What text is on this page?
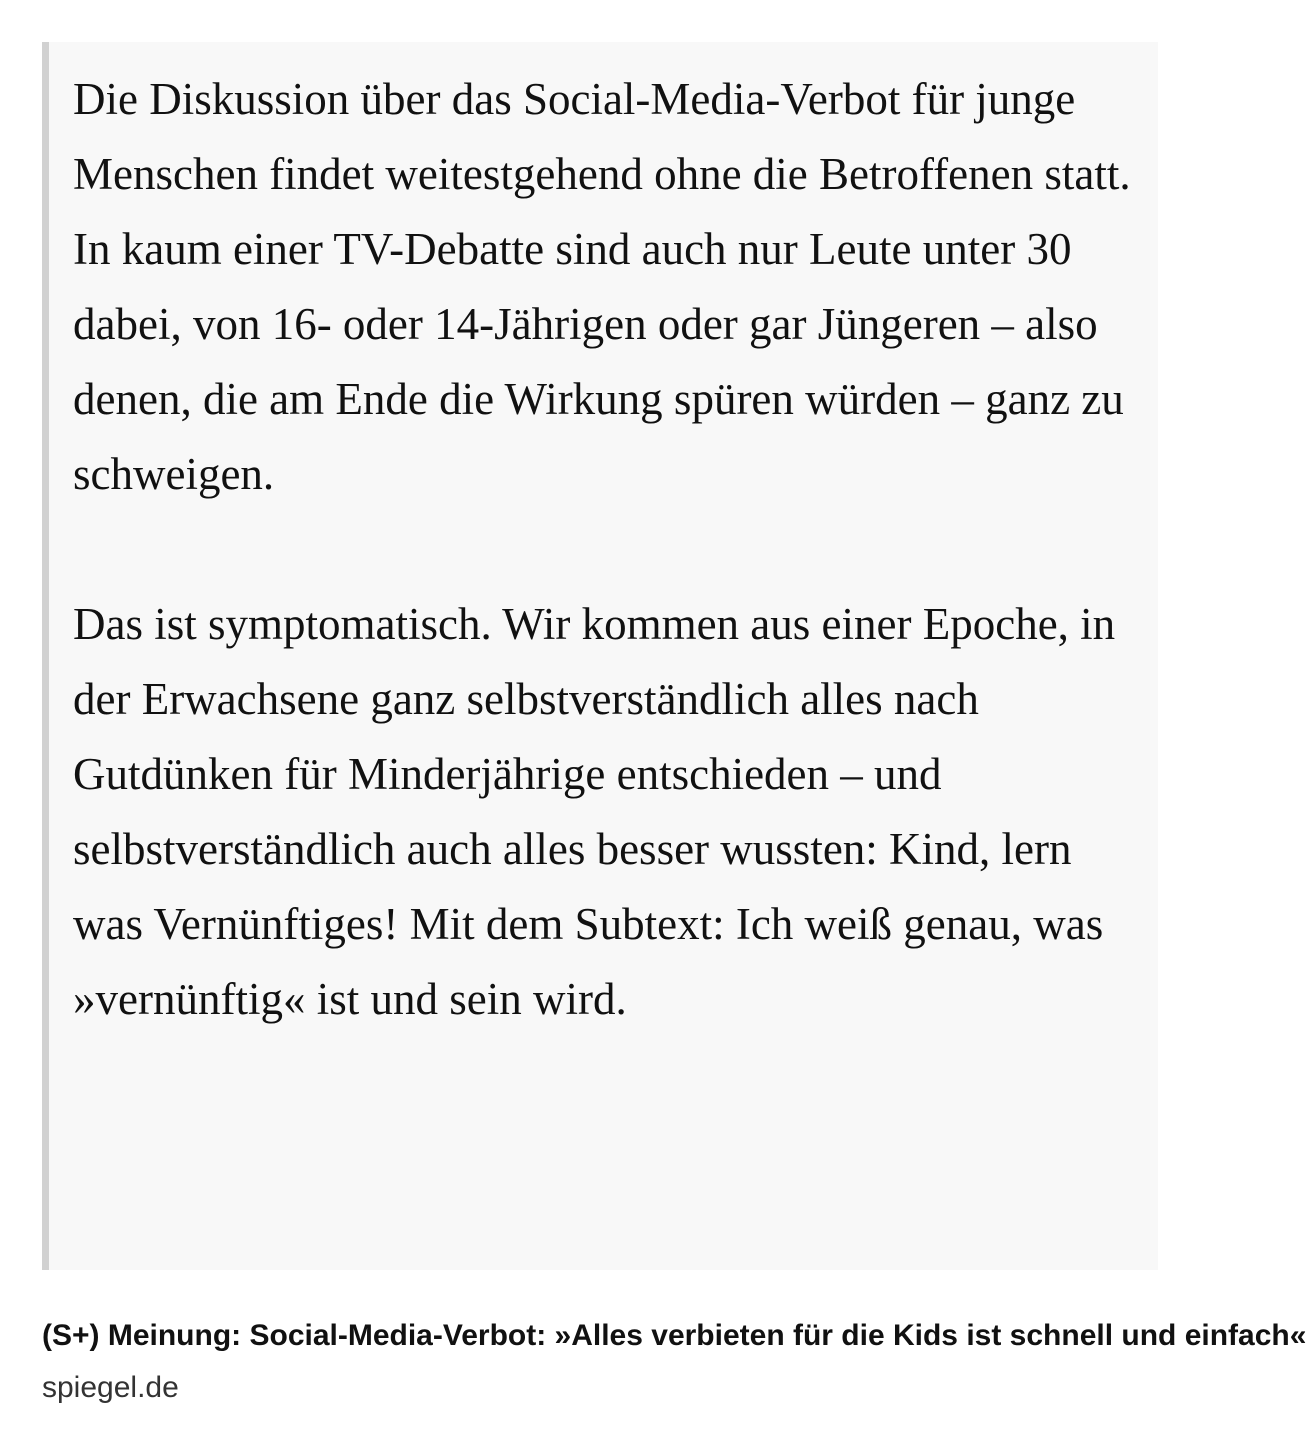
Die Diskussion über das Social-Media-Verbot für junge Menschen findet weitestgehend ohne die Betroffenen statt. In kaum einer TV-Debatte sind auch nur Leute unter 30 dabei, von 16- oder 14-Jährigen oder gar Jüngeren – also denen, die am Ende die Wirkung spüren würden – ganz zu schweigen.

Das ist symptomatisch. Wir kommen aus einer Epoche, in der Erwachsene ganz selbstverständlich alles nach Gutdünken für Minderjährige entschieden – und selbstverständlich auch alles besser wussten: Kind, lern was Vernünftiges! Mit dem Subtext: Ich weiß genau, was »vernünftig« ist und sein wird.

(S+) Meinung: Social-Media-Verbot: »Alles verbieten für die Kids ist schnell und einfach«
spiegel.de
